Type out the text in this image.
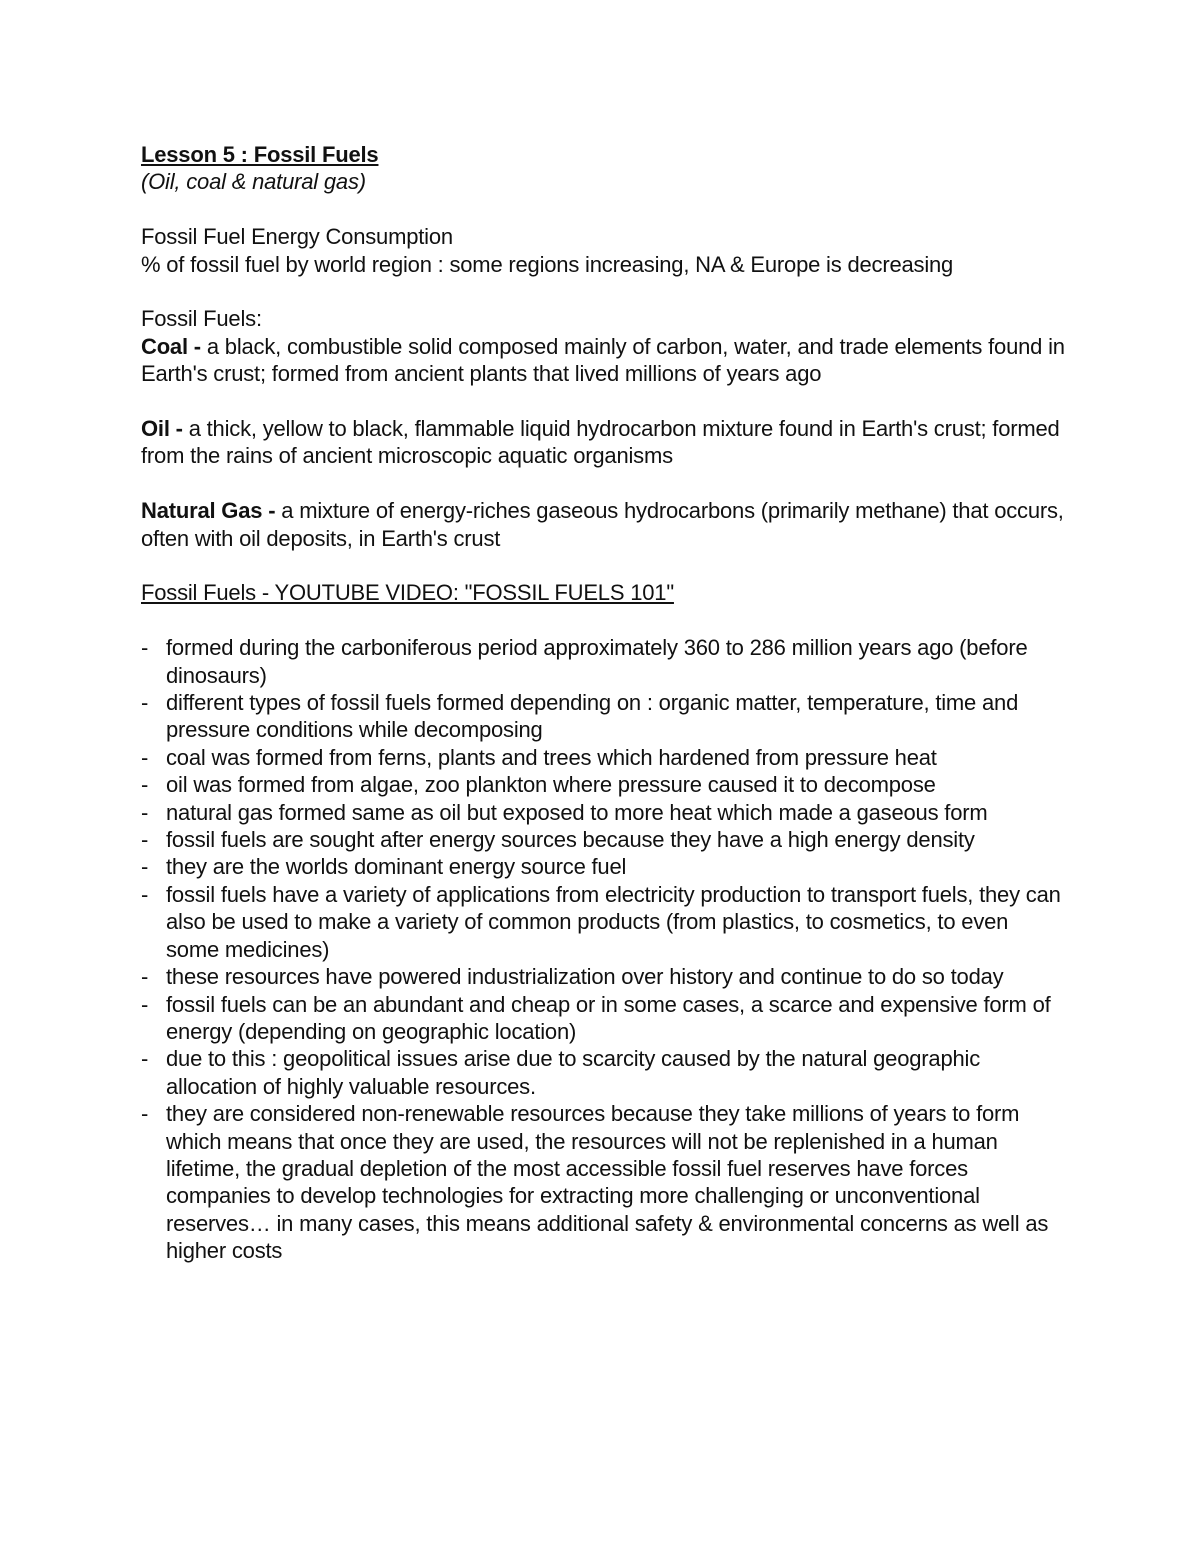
Lesson 5 : Fossil Fuels

(Oil, coal & natural gas)

Fossil Fuel Energy Consumption

% of fossil fuel by world region : some regions increasing, NA & Europe is decreasing

Fossil Fuels:

Coal - a black, combustible solid composed mainly of carbon, water, and trade elements found in Earth's crust; formed from ancient plants that lived millions of years ago

Oil - a thick, yellow to black, flammable liquid hydrocarbon mixture found in Earth's crust; formed from the rains of ancient microscopic aquatic organisms

Natural Gas - a mixture of energy-riches gaseous hydrocarbons (primarily methane) that occurs, often with oil deposits, in Earth's crust

Fossil Fuels - YOUTUBE VIDEO: "FOSSIL FUELS 101"

- formed during the carboniferous period approximately 360 to 286 million years ago (before dinosaurs)
- different types of fossil fuels formed depending on : organic matter, temperature, time and pressure conditions while decomposing
- coal was formed from ferns, plants and trees which hardened from pressure heat
- oil was formed from algae, zoo plankton where pressure caused it to decompose
- natural gas formed same as oil but exposed to more heat which made a gaseous form
- fossil fuels are sought after energy sources because they have a high energy density
- they are the worlds dominant energy source fuel
- fossil fuels have a variety of applications from electricity production to transport fuels, they can also be used to make a variety of common products (from plastics, to cosmetics, to even some medicines)
- these resources have powered industrialization over history and continue to do so today
- fossil fuels can be an abundant and cheap or in some cases, a scarce and expensive form of energy (depending on geographic location)
- due to this : geopolitical issues arise due to scarcity caused by the natural geographic allocation of highly valuable resources.
- they are considered non-renewable resources because they take millions of years to form which means that once they are used, the resources will not be replenished in a human lifetime, the gradual depletion of the most accessible fossil fuel reserves have forces companies to develop technologies for extracting more challenging or unconventional reserves… in many cases, this means additional safety & environmental concerns as well as higher costs
